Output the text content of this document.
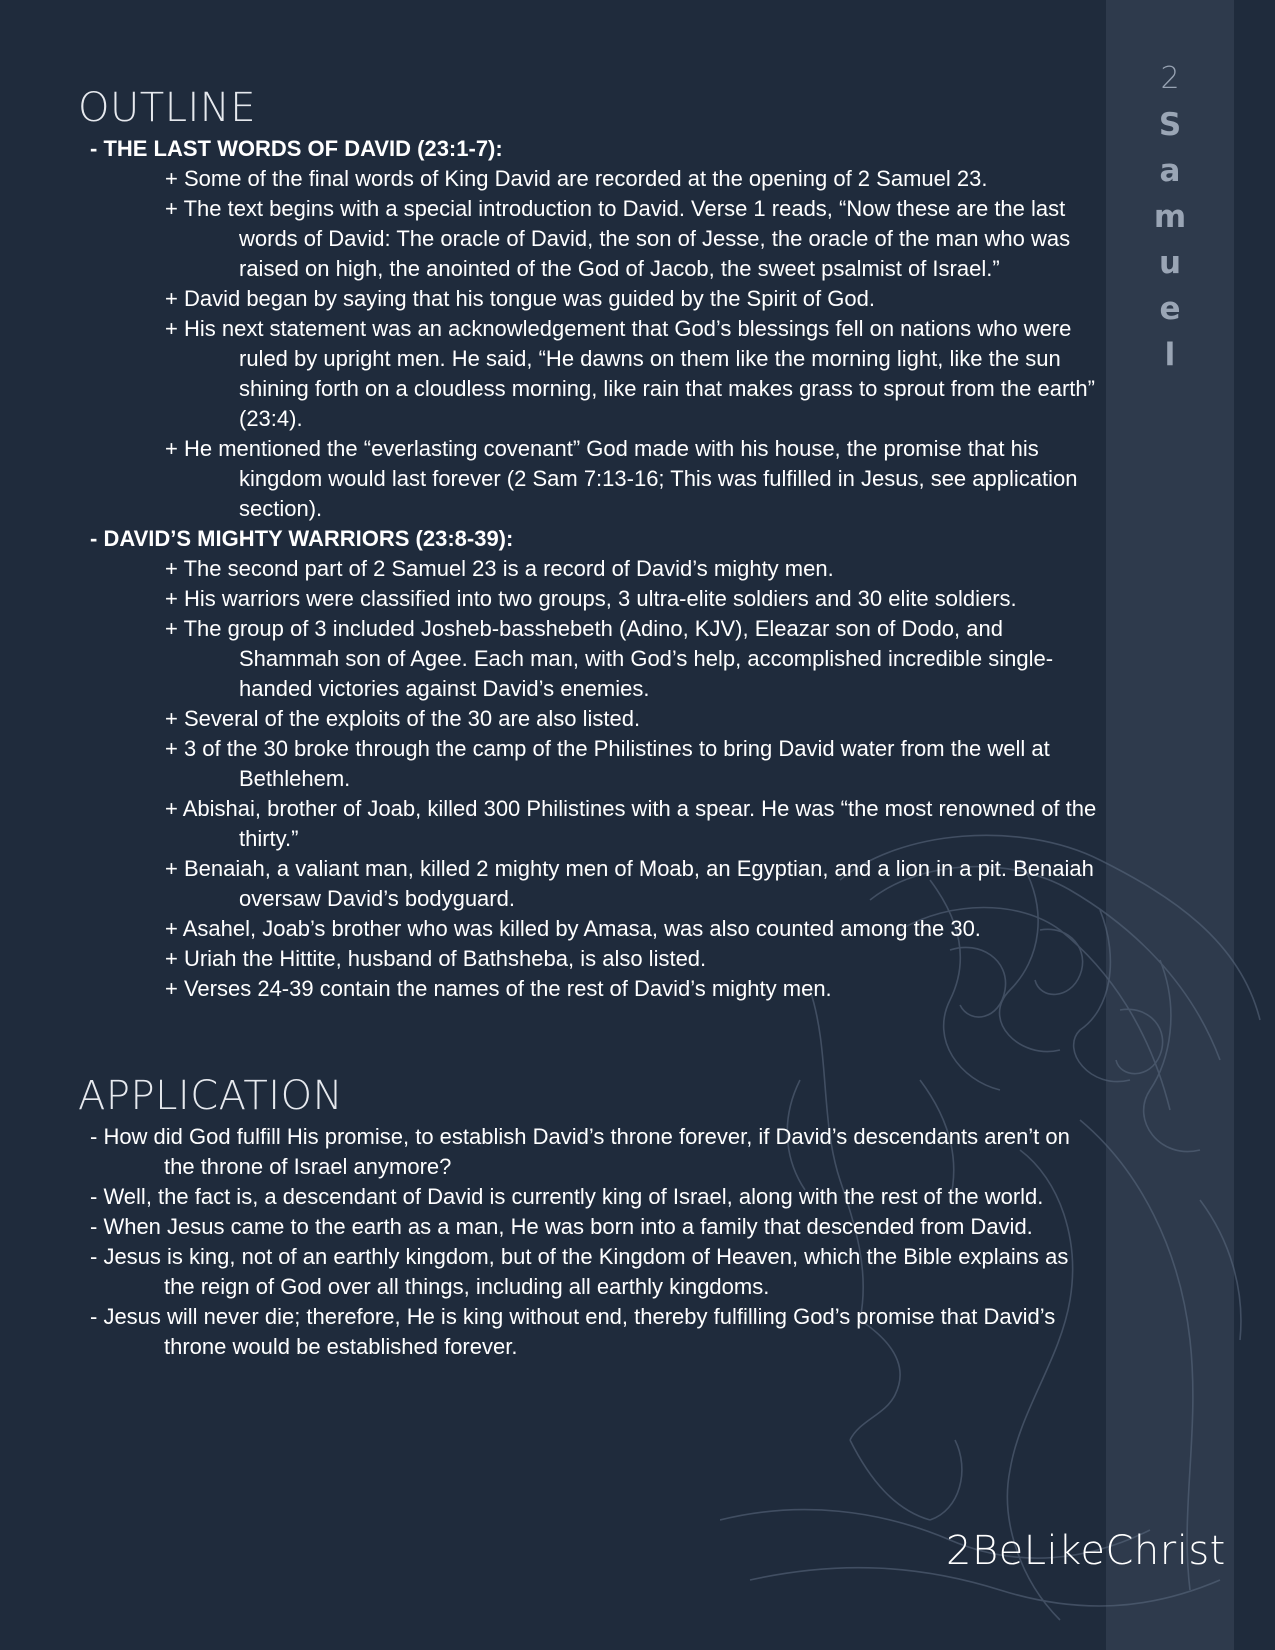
2
S
a
m
u
e
l
OUTLINE
- THE LAST WORDS OF DAVID (23:1-7):
+ Some of the final words of King David are recorded at the opening of 2 Samuel 23.
+ The text begins with a special introduction to David. Verse 1 reads, “Now these are the last words of David: The oracle of David, the son of Jesse, the oracle of the man who was raised on high, the anointed of the God of Jacob, the sweet psalmist of Israel.”
+ David began by saying that his tongue was guided by the Spirit of God.
+ His next statement was an acknowledgement that God’s blessings fell on nations who were ruled by upright men. He said, “He dawns on them like the morning light, like the sun shining forth on a cloudless morning, like rain that makes grass to sprout from the earth” (23:4).
+ He mentioned the “everlasting covenant” God made with his house, the promise that his kingdom would last forever (2 Sam 7:13-16; This was fulfilled in Jesus, see application section).
- DAVID’S MIGHTY WARRIORS (23:8-39):
+ The second part of 2 Samuel 23 is a record of David’s mighty men.
+ His warriors were classified into two groups, 3 ultra-elite soldiers and 30 elite soldiers.
+ The group of 3 included Josheb-basshebeth (Adino, KJV), Eleazar son of Dodo, and Shammah son of Agee. Each man, with God’s help, accomplished incredible single-handed victories against David’s enemies.
+ Several of the exploits of the 30 are also listed.
+ 3 of the 30 broke through the camp of the Philistines to bring David water from the well at Bethlehem.
+ Abishai, brother of Joab, killed 300 Philistines with a spear. He was “the most renowned of the thirty.”
+ Benaiah, a valiant man, killed 2 mighty men of Moab, an Egyptian, and a lion in a pit. Benaiah oversaw David’s bodyguard.
+ Asahel, Joab’s brother who was killed by Amasa, was also counted among the 30.
+ Uriah the Hittite, husband of Bathsheba, is also listed.
+ Verses 24-39 contain the names of the rest of David’s mighty men.
APPLICATION
- How did God fulfill His promise, to establish David’s throne forever, if David’s descendants aren’t on the throne of Israel anymore?
- Well, the fact is, a descendant of David is currently king of Israel, along with the rest of the world.
- When Jesus came to the earth as a man, He was born into a family that descended from David.
- Jesus is king, not of an earthly kingdom, but of the Kingdom of Heaven, which the Bible explains as the reign of God over all things, including all earthly kingdoms.
- Jesus will never die; therefore, He is king without end, thereby fulfilling God’s promise that David’s throne would be established forever.
2BeLikeChrist
